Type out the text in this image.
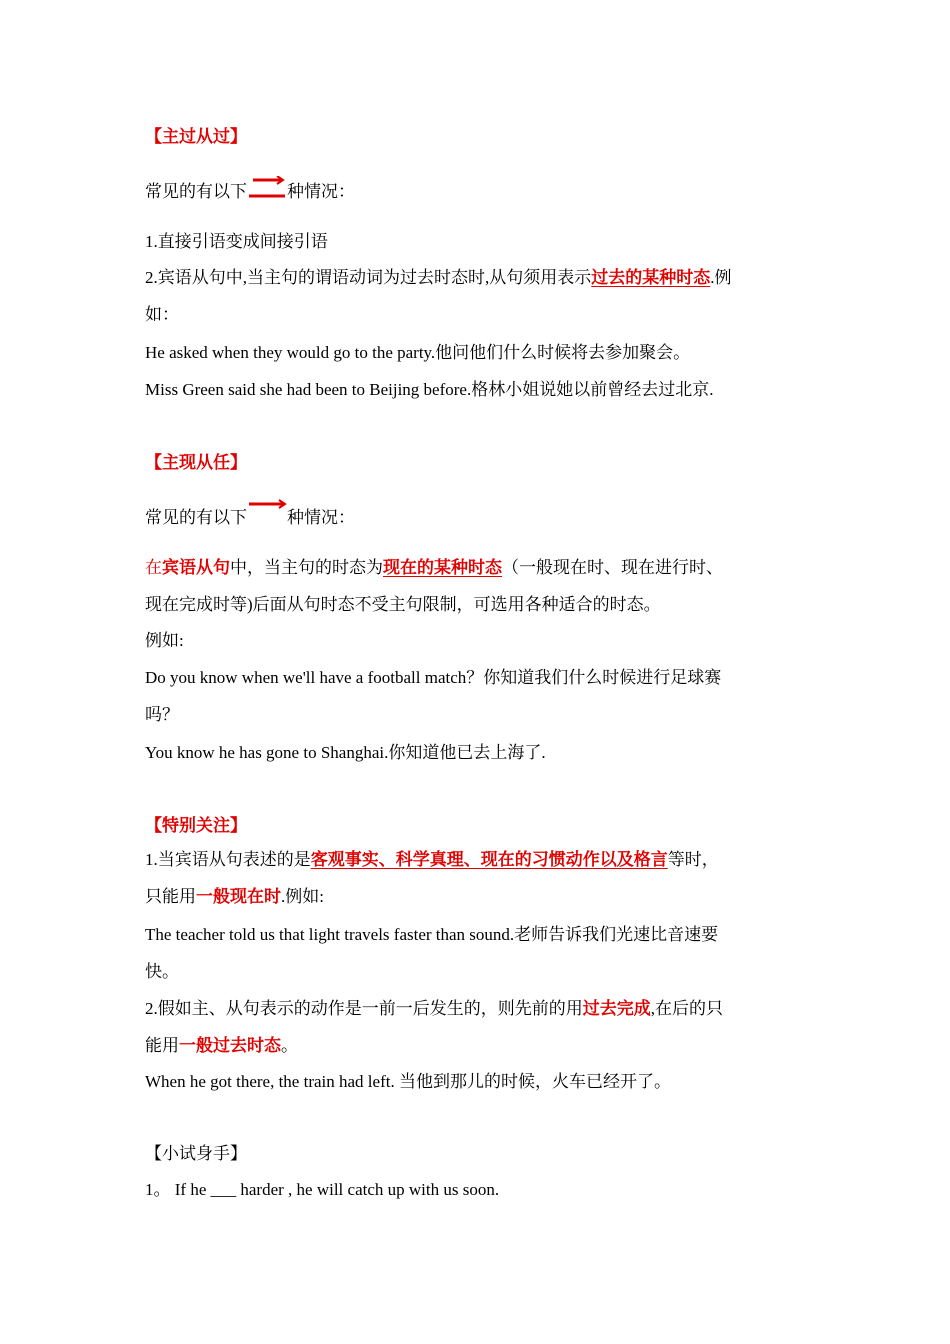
【主过从过】
常见的有以下 种情况：
1.直接引语变成间接引语
2.宾语从句中,当主句的谓语动词为过去时态时,从句须用表示过去的某种时态.例
如：
He asked when they would go to the party.他问他们什么时候将去参加聚会。
Miss Green said she had been to Beijing before.格林小姐说她以前曾经去过北京.
【主现从任】
常见的有以下 种情况：
在宾语从句中，当主句的时态为现在的某种时态（一般现在时、现在进行时、
现在完成时等)后面从句时态不受主句限制，可选用各种适合的时态。
例如:
Do you know when we'll have a football match？你知道我们什么时候进行足球赛
吗？
You know he has gone to Shanghai.你知道他已去上海了.
【特别关注】
1.当宾语从句表述的是客观事实、科学真理、现在的习惯动作以及格言等时，
只能用一般现在时.例如:
The teacher told us that light travels faster than sound.老师告诉我们光速比音速要
快。
2.假如主、从句表示的动作是一前一后发生的，则先前的用过去完成,在后的只
能用一般过去时态。
When he got there, the train had left. 当他到那儿的时候，火车已经开了。
【小试身手】
1。 If he ___ harder , he will catch up with us soon.
